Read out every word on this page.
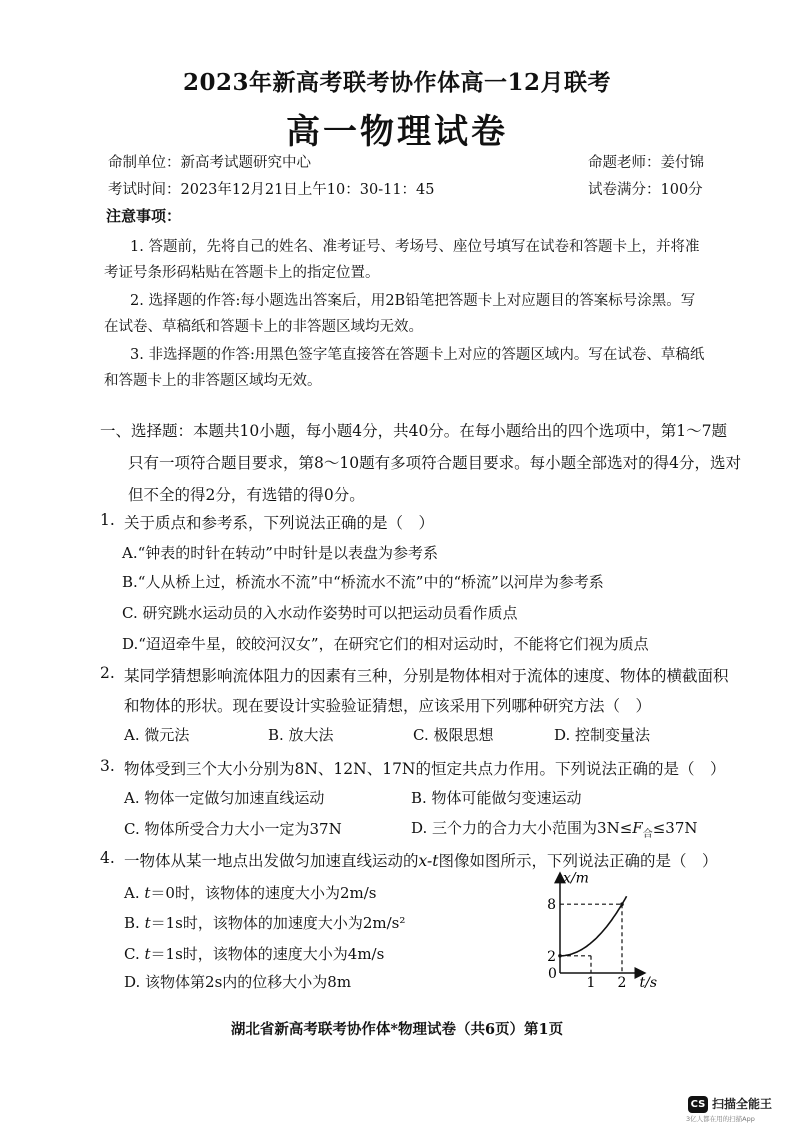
2023年新高考联考协作体高一12月联考
高一物理试卷
命制单位：新高考试题研究中心	命题老师：姜付锦
考试时间：2023年12月21日上午10：30-11：45	试卷满分：100分
注意事项：
1. 答题前，先将自己的姓名、准考证号、考场号、座位号填写在试卷和答题卡上，并将准
考证号条形码粘贴在答题卡上的指定位置。
2. 选择题的作答:每小题选出答案后，用2B铅笔把答题卡上对应题目的答案标号涂黑。写
在试卷、草稿纸和答题卡上的非答题区域均无效。
3. 非选择题的作答:用黑色签字笔直接答在答题卡上对应的答题区域内。写在试卷、草稿纸
和答题卡上的非答题区域均无效。
一、选择题：本题共10小题，每小题4分，共40分。在每小题给出的四个选项中，第1～7题
只有一项符合题目要求，第8～10题有多项符合题目要求。每小题全部选对的得4分，选对
但不全的得2分，有选错的得0分。
1. 关于质点和参考系，下列说法正确的是（　）
A.“钟表的时针在转动”中时针是以表盘为参考系
B.“人从桥上过，桥流水不流”中“桥流水不流”中的“桥流”以河岸为参考系
C. 研究跳水运动员的入水动作姿势时可以把运动员看作质点
D.“迢迢牵牛星，皎皎河汉女”，在研究它们的相对运动时，不能将它们视为质点
2. 某同学猜想影响流体阻力的因素有三种，分别是物体相对于流体的速度、物体的横截面积
和物体的形状。现在要设计实验验证猜想，应该采用下列哪种研究方法（　）
A. 微元法	B. 放大法	C. 极限思想	D. 控制变量法
3. 物体受到三个大小分别为8N、12N、17N的恒定共点力作用。下列说法正确的是（　）
A. 物体一定做匀加速直线运动	B. 物体可能做匀变速运动
C. 物体所受合力大小一定为37N	D. 三个力的合力大小范围为$3N\le F_合\le 37N$
4. 一物体从某一地点出发做匀加速直线运动的x-t图像如图所示，下列说法正确的是（　）
A. t＝0时，该物体的速度大小为2m/s
B. t＝1s时，该物体的加速度大小为2m/s²
C. t＝1s时，该物体的速度大小为4m/s
D. 该物体第2s内的位移大小为8m
x/m
t/s
0
1 2
2
8
湖北省新高考联考协作体*物理试卷（共6页）第1页
CS 扫描全能王
3亿人都在用的扫描App
